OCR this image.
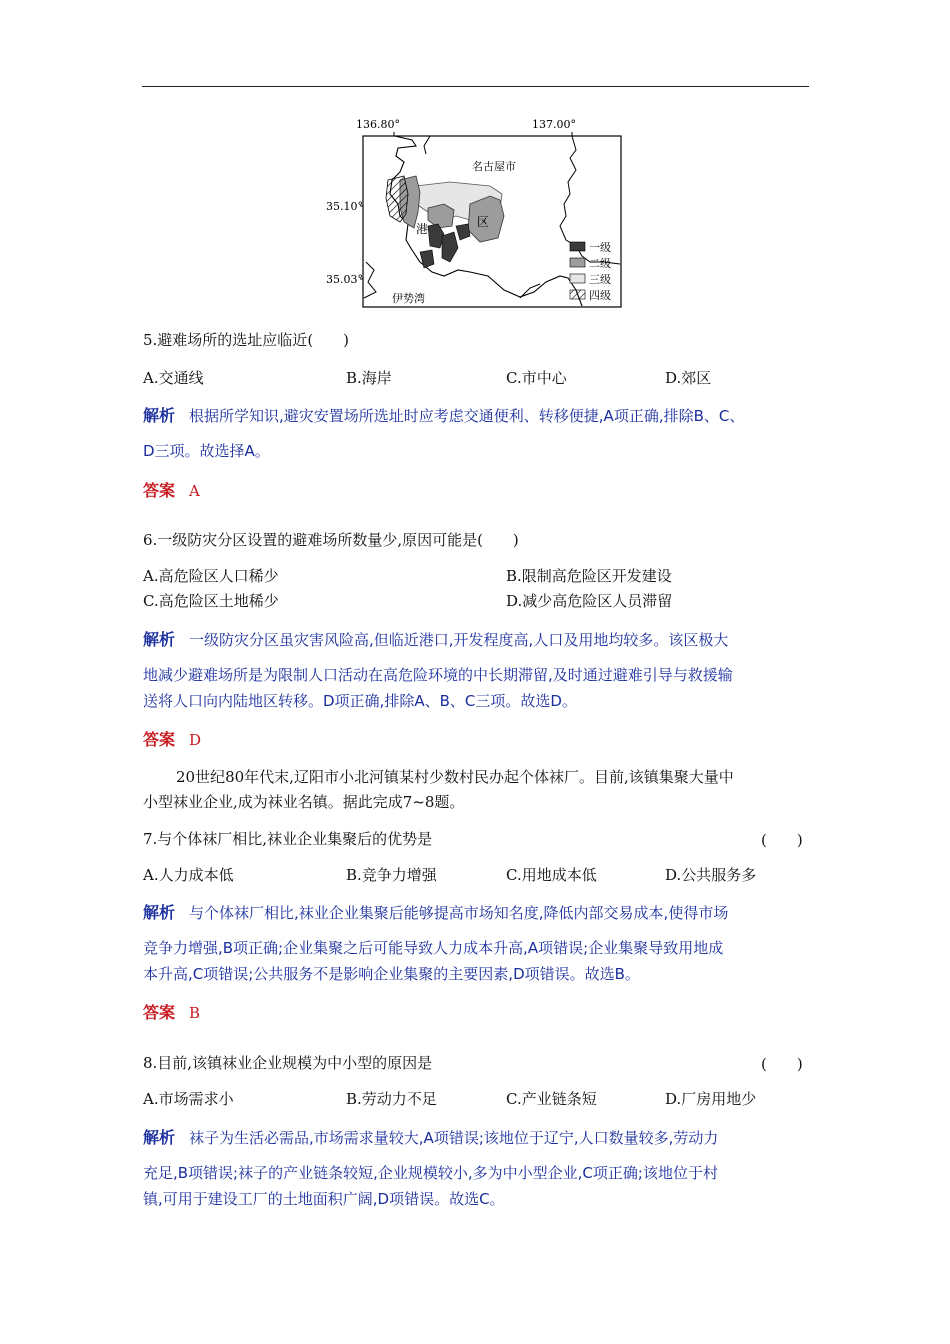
136.80°	137.00°
35.10°
35.03°
名古屋市
港	区
伊势湾
一级
二级
三级
四级
5.避难场所的选址应临近(　　)
A.交通线	B.海岸	C.市中心	D.郊区
解析 根据所学知识,避灾安置场所选址时应考虑交通便利、转移便捷,A项正确,排除B、C、
D三项。故选择A。
答案 A
6.一级防灾分区设置的避难场所数量少,原因可能是(　　)
A.高危险区人口稀少	B.限制高危险区开发建设
C.高危险区土地稀少	D.减少高危险区人员滞留
解析 一级防灾分区虽灾害风险高,但临近港口,开发程度高,人口及用地均较多。该区极大
地减少避难场所是为限制人口活动在高危险环境的中长期滞留,及时通过避难引导与救援输
送将人口向内陆地区转移。D项正确,排除A、B、C三项。故选D。
答案 D
20世纪80年代末,辽阳市小北河镇某村少数村民办起个体袜厂。目前,该镇集聚大量中
小型袜业企业,成为袜业名镇。据此完成7~8题。
7.与个体袜厂相比,袜业企业集聚后的优势是	(　　)
A.人力成本低	B.竞争力增强	C.用地成本低	D.公共服务多
解析 与个体袜厂相比,袜业企业集聚后能够提高市场知名度,降低内部交易成本,使得市场
竞争力增强,B项正确;企业集聚之后可能导致人力成本升高,A项错误;企业集聚导致用地成
本升高,C项错误;公共服务不是影响企业集聚的主要因素,D项错误。故选B。
答案 B
8.目前,该镇袜业企业规模为中小型的原因是	(　　)
A.市场需求小	B.劳动力不足	C.产业链条短	D.厂房用地少
解析 袜子为生活必需品,市场需求量较大,A项错误;该地位于辽宁,人口数量较多,劳动力
充足,B项错误;袜子的产业链条较短,企业规模较小,多为中小型企业,C项正确;该地位于村
镇,可用于建设工厂的土地面积广阔,D项错误。故选C。
